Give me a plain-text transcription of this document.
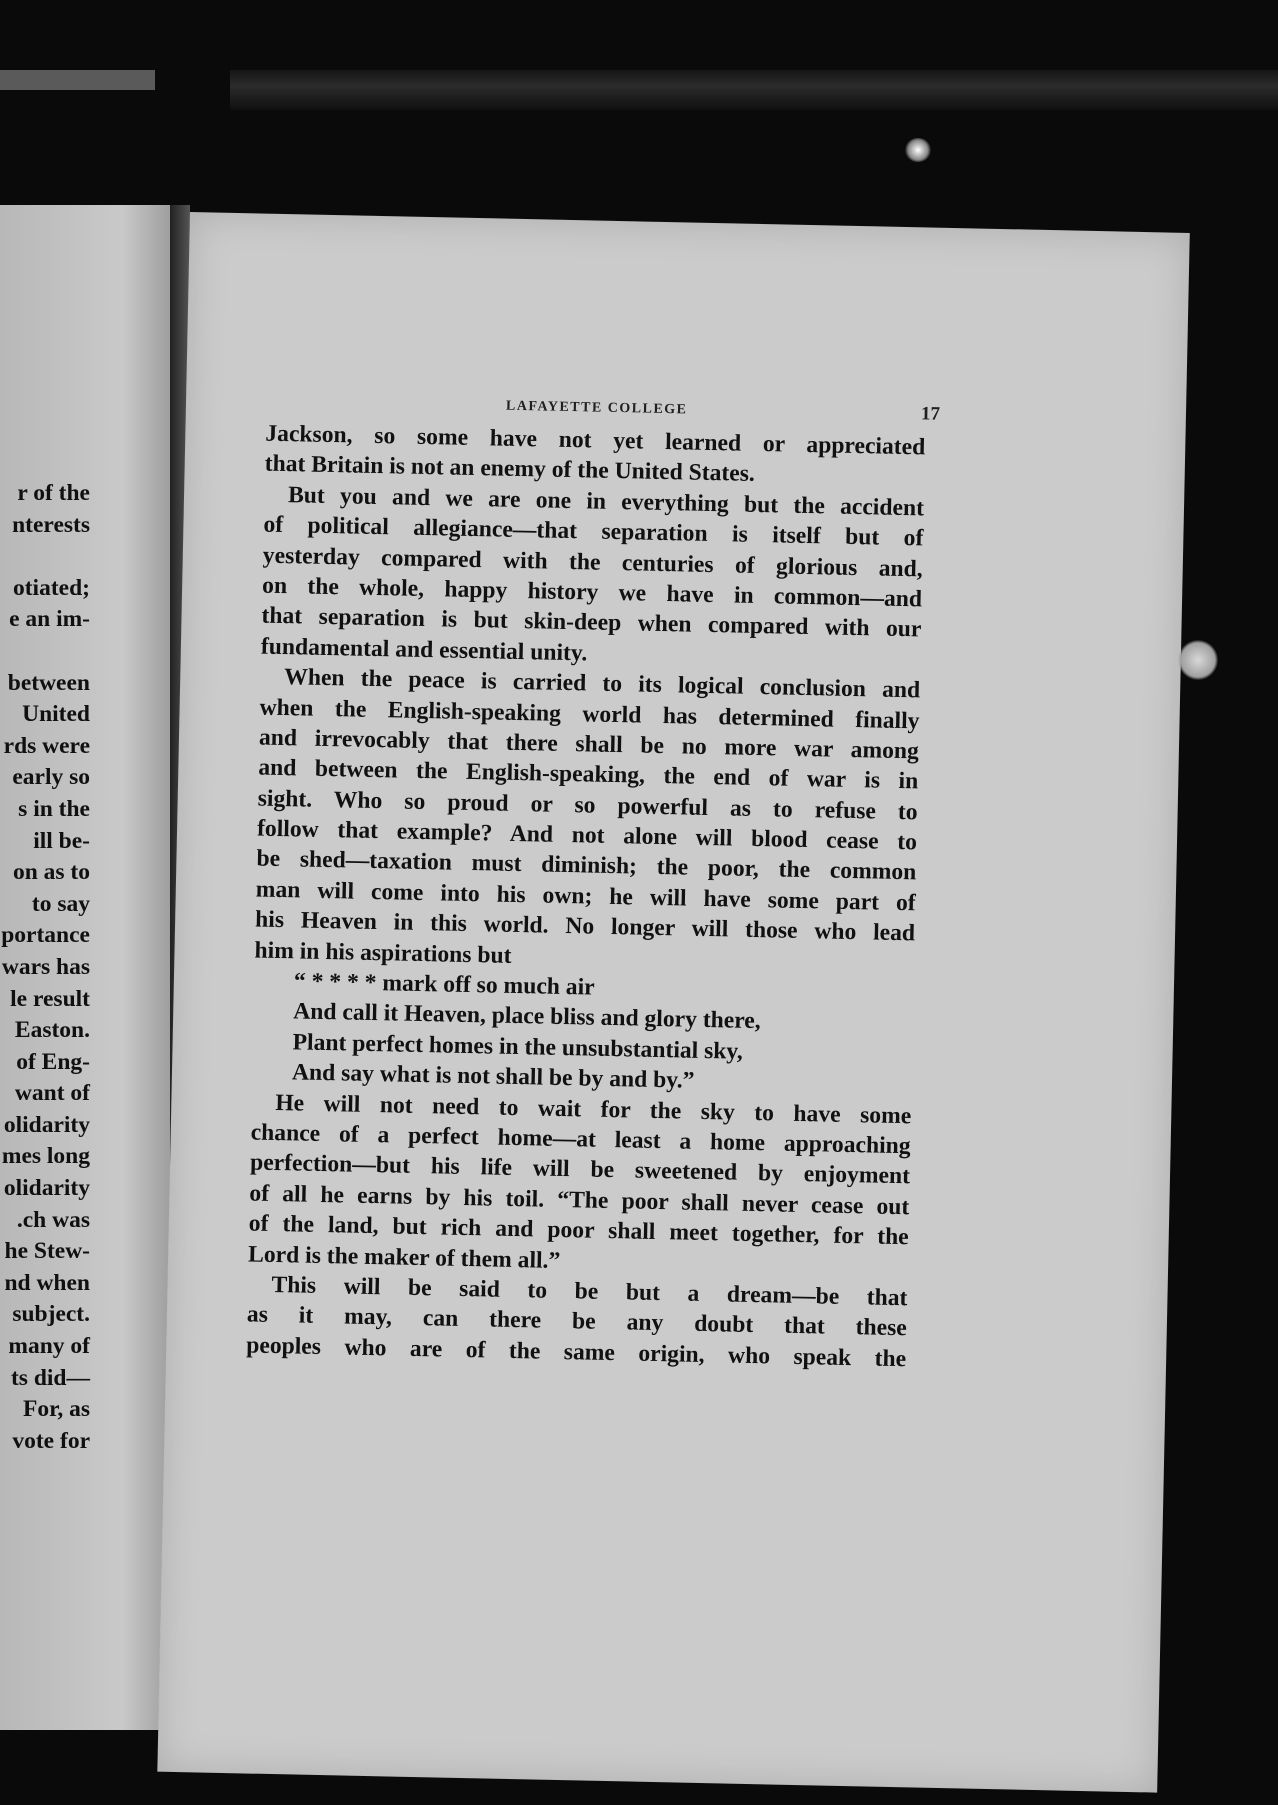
r of the
nterests
otiated;
e an im-
between
United
rds were
early so
s in the
ill be-
on as to
to say
portance
wars has
le result
Easton.
of Eng-
want of
olidarity
mes long
olidarity
.ch was
he Stew-
nd when
subject.
many of
ts did—
For, as
vote for
LAFAYETTE COLLEGE	17
Jackson, so some have not yet learned or appreciated
that Britain is not an enemy of the United States.
But you and we are one in everything but the accident
of political allegiance—that separation is itself but of
yesterday compared with the centuries of glorious and,
on the whole, happy history we have in common—and
that separation is but skin-deep when compared with our
fundamental and essential unity.
When the peace is carried to its logical conclusion and
when the English-speaking world has determined finally
and irrevocably that there shall be no more war among
and between the English-speaking, the end of war is in
sight. Who so proud or so powerful as to refuse to
follow that example? And not alone will blood cease to
be shed—taxation must diminish; the poor, the common
man will come into his own; he will have some part of
his Heaven in this world. No longer will those who lead
him in his aspirations but
“ * * * * mark off so much air
And call it Heaven, place bliss and glory there,
Plant perfect homes in the unsubstantial sky,
And say what is not shall be by and by.”
He will not need to wait for the sky to have some
chance of a perfect home—at least a home approaching
perfection—but his life will be sweetened by enjoyment
of all he earns by his toil. “The poor shall never cease out
of the land, but rich and poor shall meet together, for the
Lord is the maker of them all.”
This will be said to be but a dream—be that
as it may, can there be any doubt that these
peoples who are of the same origin, who speak the
